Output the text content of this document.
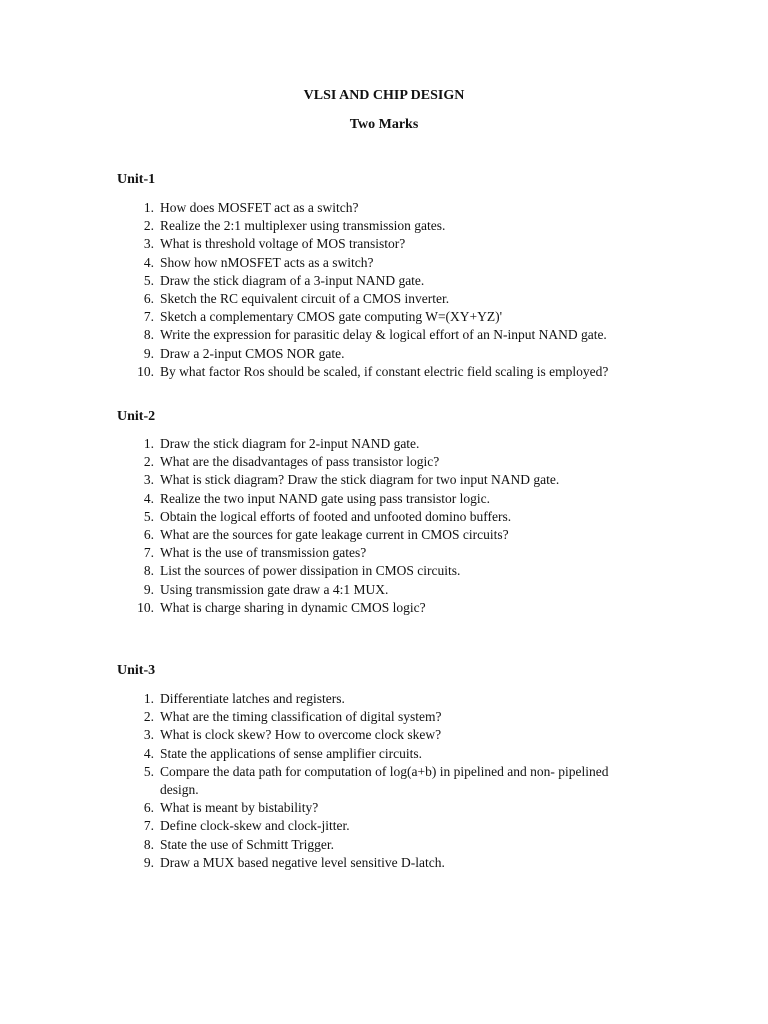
VLSI AND CHIP DESIGN
Two Marks
Unit-1
1. How does MOSFET act as a switch?
2. Realize the 2:1 multiplexer using transmission gates.
3. What is threshold voltage of MOS transistor?
4. Show how nMOSFET acts as a switch?
5. Draw the stick diagram of a 3-input NAND gate.
6. Sketch the RC equivalent circuit of a CMOS inverter.
7. Sketch a complementary CMOS gate computing W=(XY+YZ)'
8. Write the expression for parasitic delay & logical effort of an N-input NAND gate.
9. Draw a 2-input CMOS NOR gate.
10. By what factor Ros should be scaled, if constant electric field scaling is employed?
Unit-2
1. Draw the stick diagram for 2-input NAND gate.
2. What are the disadvantages of pass transistor logic?
3. What is stick diagram? Draw the stick diagram for two input NAND gate.
4. Realize the two input NAND gate using pass transistor logic.
5. Obtain the logical efforts of footed and unfooted domino buffers.
6. What are the sources for gate leakage current in CMOS circuits?
7. What is the use of transmission gates?
8. List the sources of power dissipation in CMOS circuits.
9. Using transmission gate draw a 4:1 MUX.
10. What is charge sharing in dynamic CMOS logic?
Unit-3
1. Differentiate latches and registers.
2. What are the timing classification of digital system?
3. What is clock skew? How to overcome clock skew?
4. State the applications of sense amplifier circuits.
5. Compare the data path for computation of log(a+b) in pipelined and non- pipelined design.
6. What is meant by bistability?
7. Define clock-skew and clock-jitter.
8. State the use of Schmitt Trigger.
9. Draw a MUX based negative level sensitive D-latch.
